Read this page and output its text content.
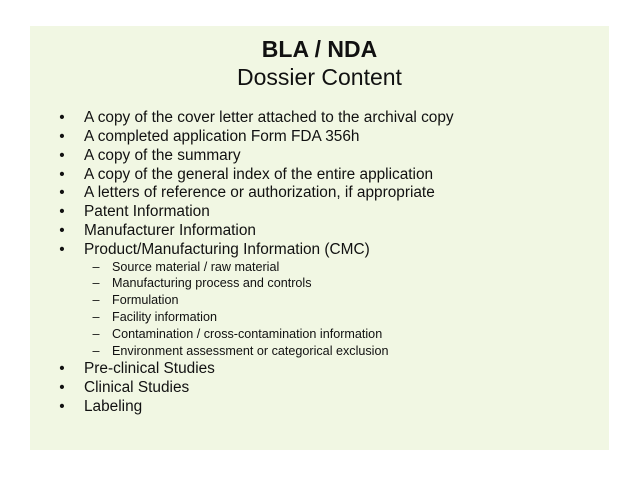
BLA / NDA
Dossier Content
• A copy of the cover letter attached to the archival copy
• A completed application Form FDA 356h
• A copy of the summary
• A copy of the general index of the entire application
• A letters of reference or authorization, if appropriate
• Patent Information
• Manufacturer Information
• Product/Manufacturing Information (CMC)
– Source material / raw material
– Manufacturing process and controls
– Formulation
– Facility information
– Contamination / cross-contamination information
– Environment assessment or categorical exclusion
• Pre-clinical Studies
• Clinical Studies
• Labeling
